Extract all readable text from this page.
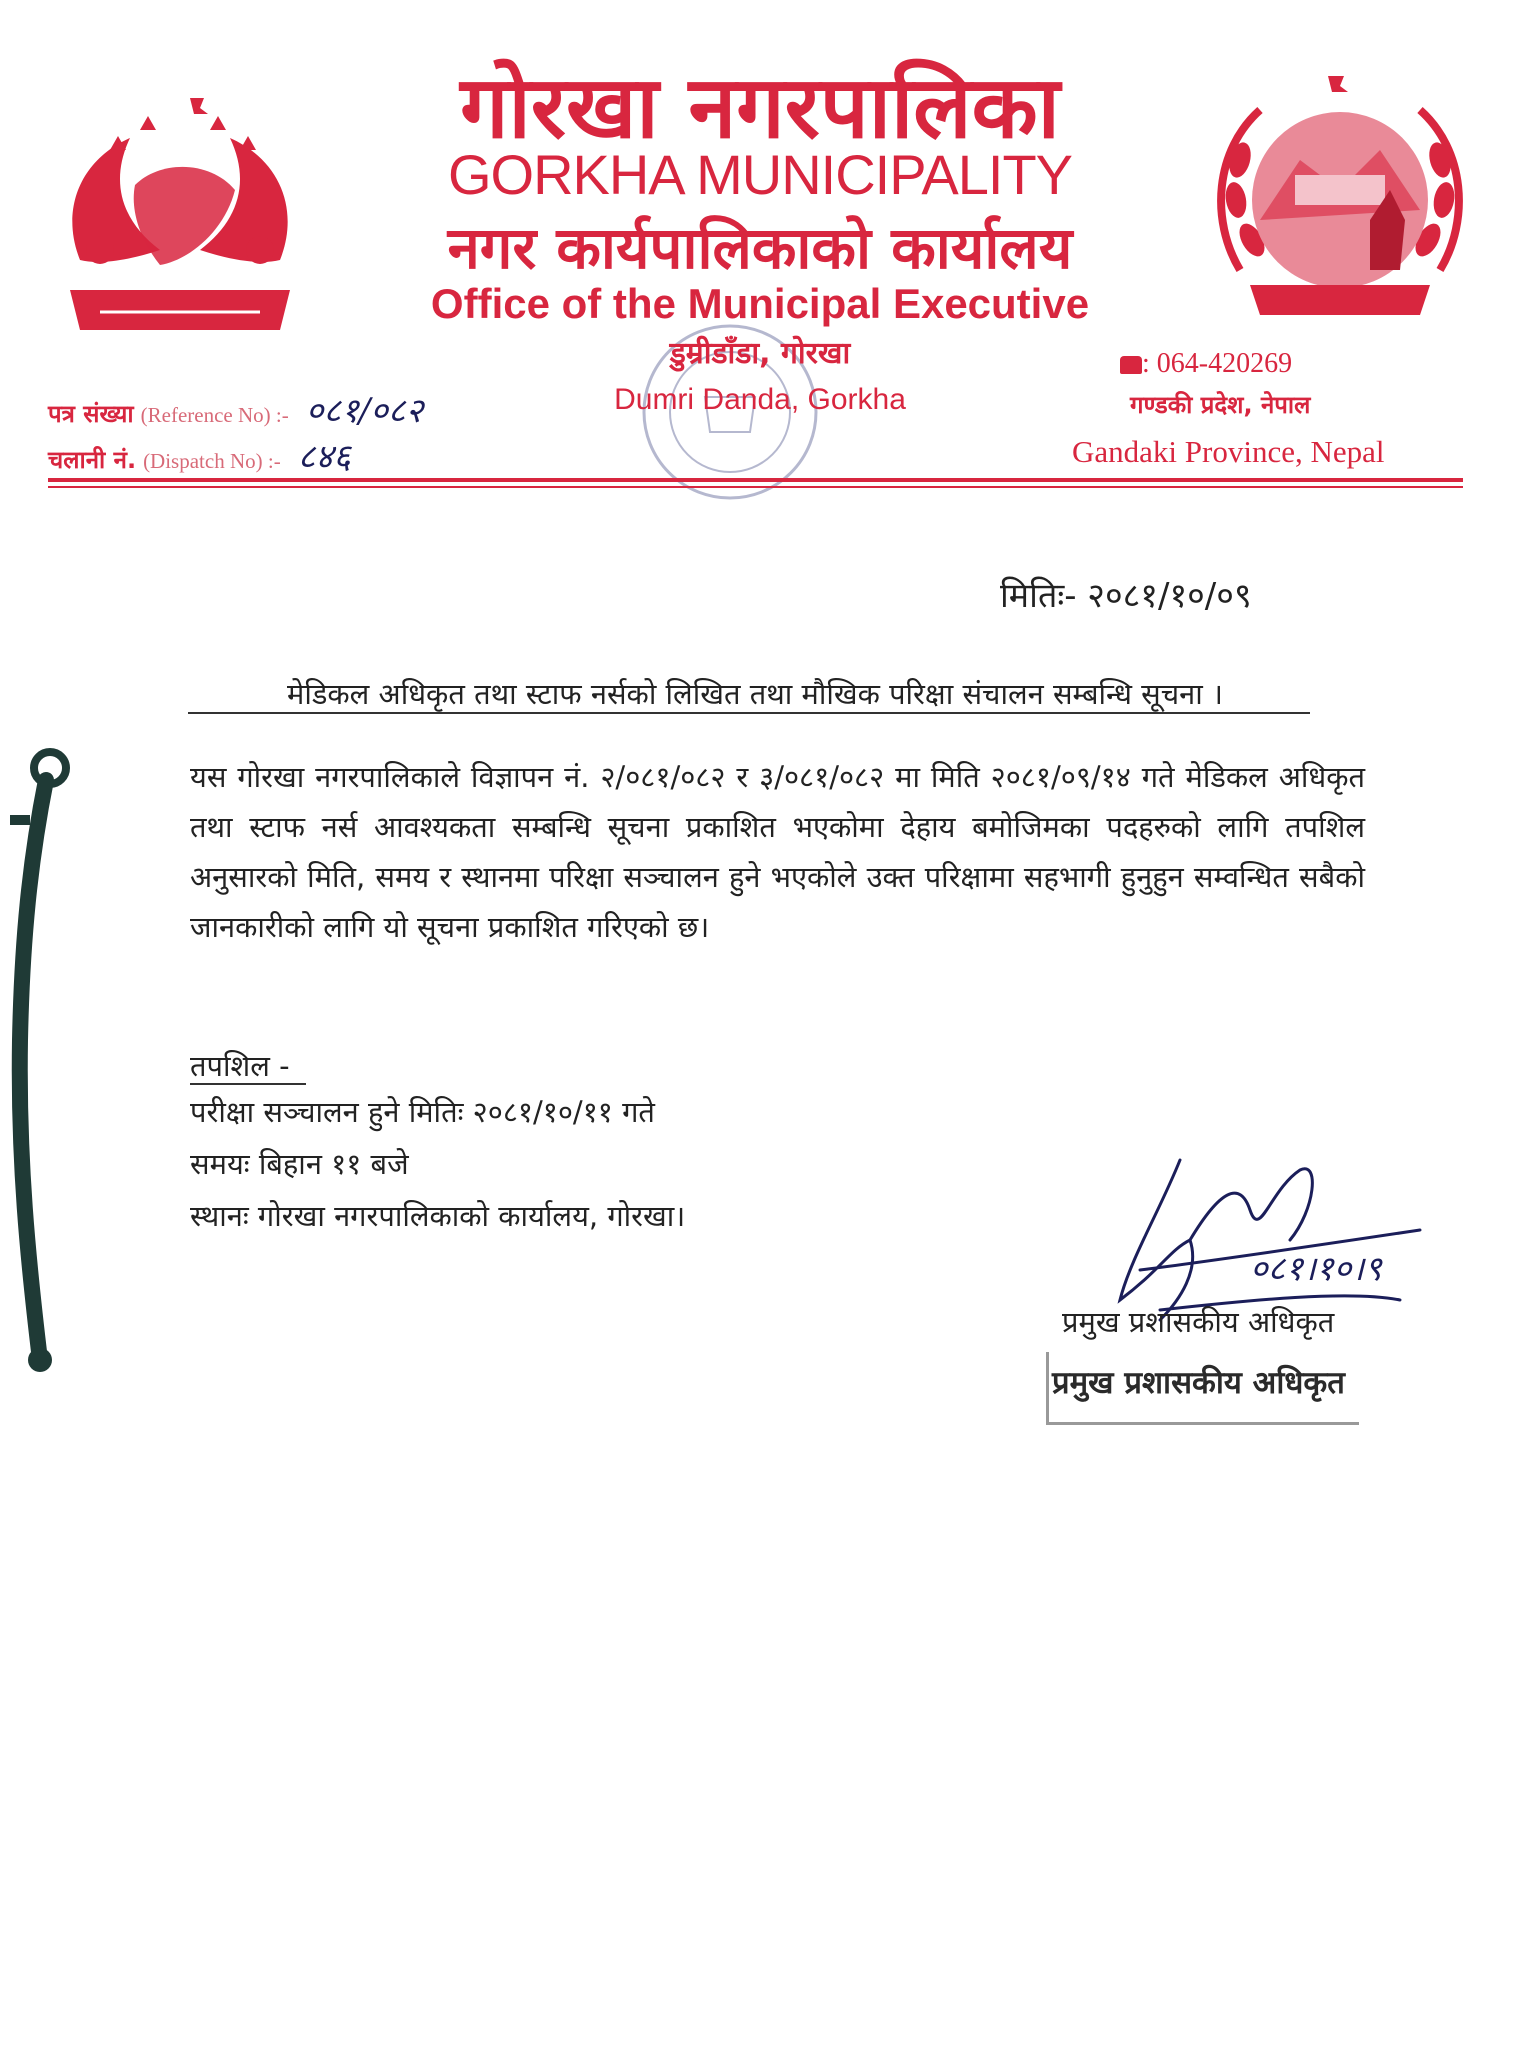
गोरखा नगरपालिका
GORKHA MUNICIPALITY
नगर कार्यपालिकाको कार्यालय
Office of the Municipal Executive
डुम्रीडाँडा, गोरखा
Dumri Danda, Gorkha
: 064-420269
गण्डकी प्रदेश, नेपाल
Gandaki Province, Nepal
पत्र संख्या (Reference No) :- ०८१/०८२
चलानी नं. (Dispatch No) :- ८४६
मितिः- २०८१/१०/०९
मेडिकल अधिकृत तथा स्टाफ नर्सको लिखित तथा मौखिक परिक्षा संचालन सम्बन्धि सूचना ।
यस गोरखा नगरपालिकाले विज्ञापन नं. २/०८१/०८२ र ३/०८१/०८२ मा मिति २०८१/०९/१४ गते मेडिकल अधिकृत तथा स्टाफ नर्स आवश्यकता सम्बन्धि सूचना प्रकाशित भएकोमा देहाय बमोजिमका पदहरुको लागि तपशिल अनुसारको मिति, समय र स्थानमा परिक्षा सञ्चालन हुने भएकोले उक्त परिक्षामा सहभागी हुनुहुन सम्वन्धित सबैको जानकारीको लागि यो सूचना प्रकाशित गरिएको छ।
तपशिल -
परीक्षा सञ्चालन हुने मितिः २०८१/१०/११ गते
समयः बिहान ११ बजे
स्थानः गोरखा नगरपालिकाको कार्यालय, गोरखा।
०८१।१०।९
प्रमुख प्रशासकीय अधिकृत
प्रमुख प्रशासकीय अधिकृत
